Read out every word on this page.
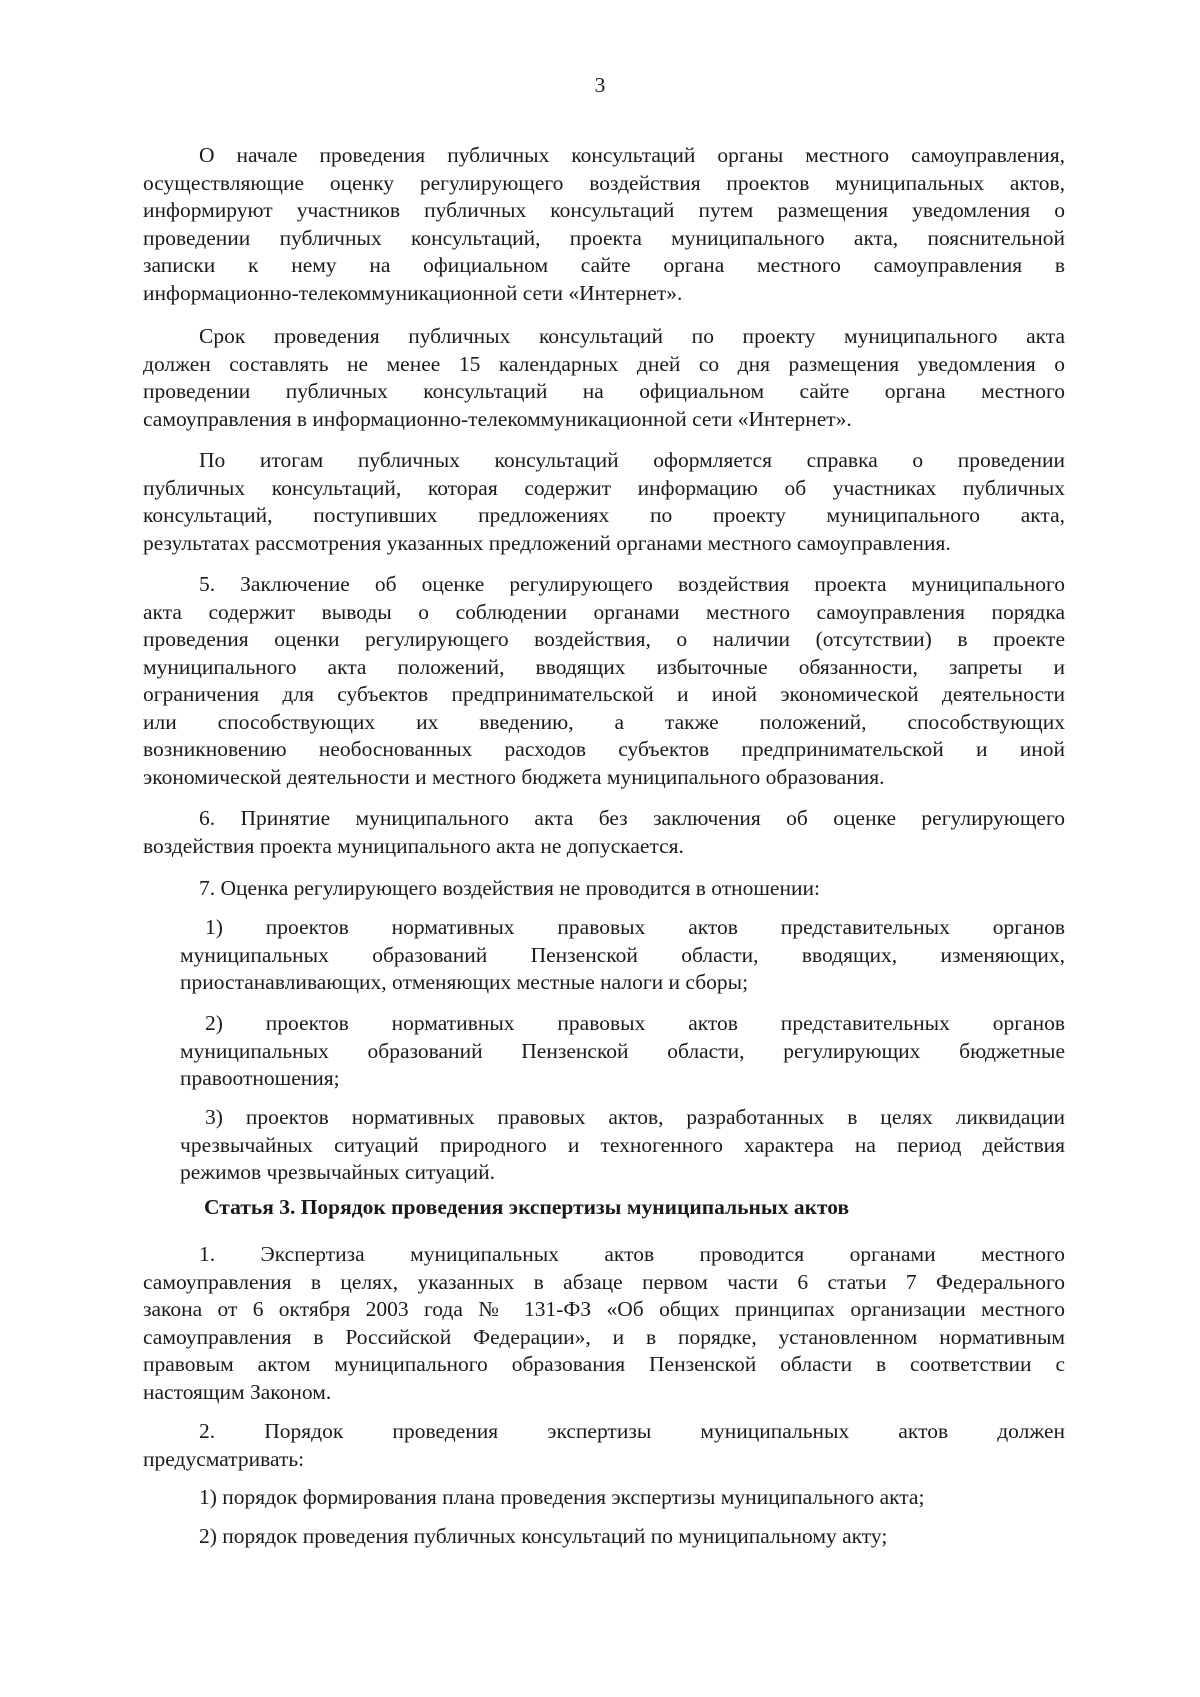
3
О начале проведения публичных консультаций органы местного самоуправления,
осуществляющие оценку регулирующего воздействия проектов муниципальных актов,
информируют участников публичных консультаций путем размещения уведомления о
проведении публичных консультаций, проекта муниципального акта, пояснительной
записки к нему на официальном сайте органа местного самоуправления в
информационно-телекоммуникационной сети «Интернет».
Срок проведения публичных консультаций по проекту муниципального акта
должен составлять не менее 15 календарных дней со дня размещения уведомления о
проведении публичных консультаций на официальном сайте органа местного
самоуправления в информационно-телекоммуникационной сети «Интернет».
По итогам публичных консультаций оформляется справка о проведении
публичных консультаций, которая содержит информацию об участниках публичных
консультаций, поступивших предложениях по проекту муниципального акта,
результатах рассмотрения указанных предложений органами местного самоуправления.
5. Заключение об оценке регулирующего воздействия проекта муниципального
акта содержит выводы о соблюдении органами местного самоуправления порядка
проведения оценки регулирующего воздействия, о наличии (отсутствии) в проекте
муниципального акта положений, вводящих избыточные обязанности, запреты и
ограничения для субъектов предпринимательской и иной экономической деятельности
или способствующих их введению, а также положений, способствующих
возникновению необоснованных расходов субъектов предпринимательской и иной
экономической деятельности и местного бюджета муниципального образования.
6. Принятие муниципального акта без заключения об оценке регулирующего
воздействия проекта муниципального акта не допускается.
7. Оценка регулирующего воздействия не проводится в отношении:
1) проектов нормативных правовых актов представительных органов
муниципальных образований Пензенской области, вводящих, изменяющих,
приостанавливающих, отменяющих местные налоги и сборы;
2) проектов нормативных правовых актов представительных органов
муниципальных образований Пензенской области, регулирующих бюджетные
правоотношения;
3) проектов нормативных правовых актов, разработанных в целях ликвидации
чрезвычайных ситуаций природного и техногенного характера на период действия
режимов чрезвычайных ситуаций.
Статья 3. Порядок проведения экспертизы муниципальных актов
1. Экспертиза муниципальных актов проводится органами местного
самоуправления в целях, указанных в абзаце первом части 6 статьи 7 Федерального
закона от 6 октября 2003 года № 131-ФЗ «Об общих принципах организации местного
самоуправления в Российской Федерации», и в порядке, установленном нормативным
правовым актом муниципального образования Пензенской области в соответствии с
настоящим Законом.
2. Порядок проведения экспертизы муниципальных актов должен
предусматривать:
1) порядок формирования плана проведения экспертизы муниципального акта;
2) порядок проведения публичных консультаций по муниципальному акту;
